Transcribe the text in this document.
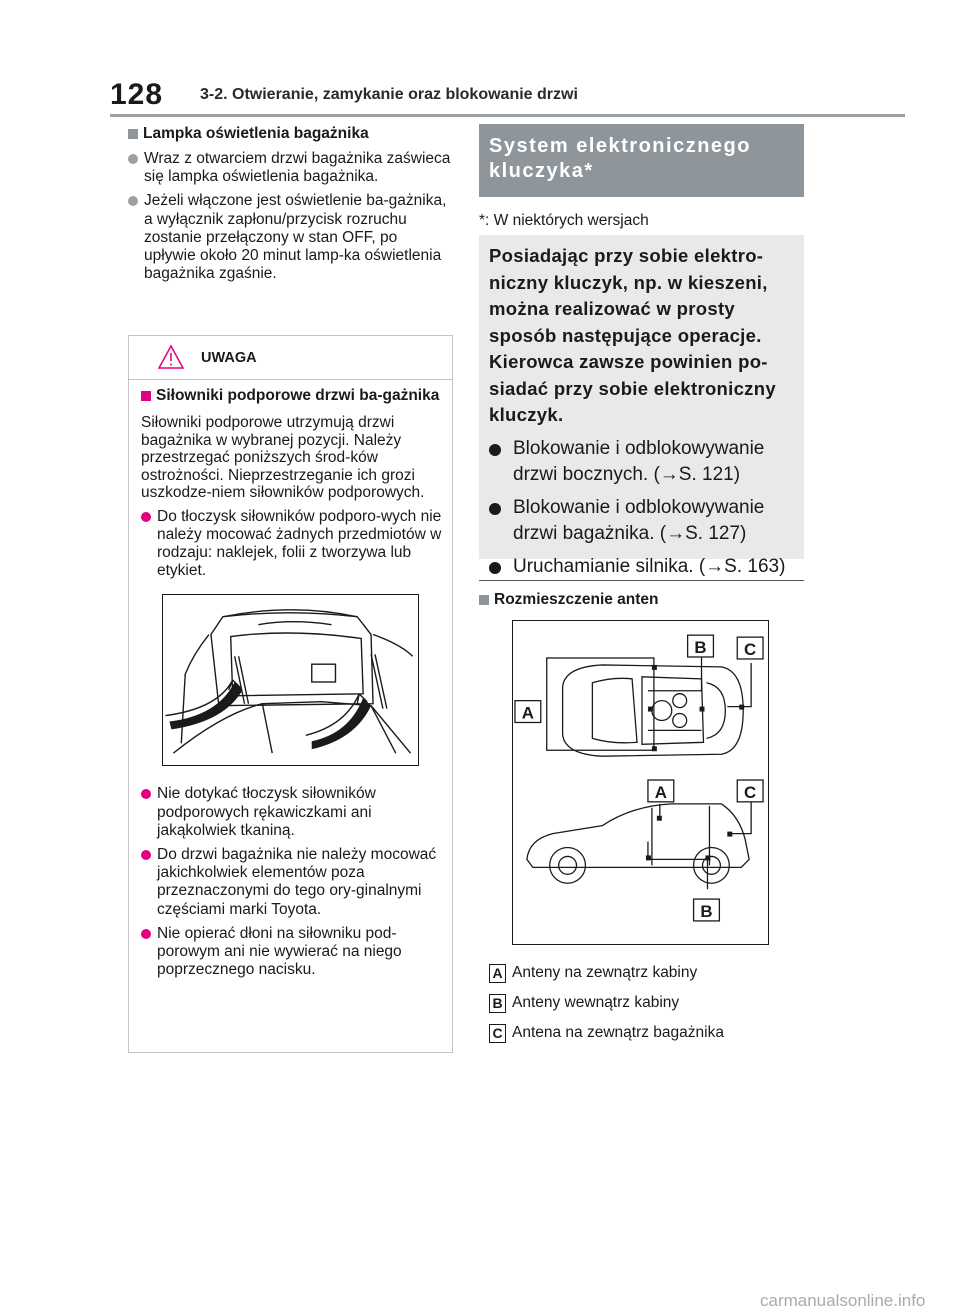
128 3-2. Otwieranie, zamykanie oraz blokowanie drzwi
Lampka oświetlenia bagażnika
Wraz z otwarciem drzwi bagażnika zaświeca się lampka oświetlenia bagażnika.
Jeżeli włączone jest oświetlenie ba-gażnika, a wyłącznik zapłonu/przycisk rozruchu zostanie przełączony w stan OFF, po upływie około 20 minut lamp-ka oświetlenia bagażnika zgaśnie.
UWAGA
Siłowniki podporowe drzwi ba-gażnika
Siłowniki podporowe utrzymują drzwi bagażnika w wybranej pozycji. Należy przestrzegać poniższych środ-ków ostrożności. Nieprzestrzeganie ich grozi uszkodze-niem siłowników podporowych.
Do tłoczysk siłowników podporo-wych nie należy mocować żadnych przedmiotów w rodzaju: naklejek, folii z tworzywa lub etykiet.
Nie dotykać tłoczysk siłowników podporowych rękawiczkami ani jakąkolwiek tkaniną.
Do drzwi bagażnika nie należy mocować jakichkolwiek elementów poza przeznaczonymi do tego ory-ginalnymi częściami marki Toyota.
Nie opierać dłoni na siłowniku pod-porowym ani nie wywierać na niego poprzecznego nacisku.
System elektronicznego kluczyka*
*: W niektórych wersjach
Posiadając przy sobie elektro-niczny kluczyk, np. w kieszeni, można realizować w prosty sposób następujące operacje. Kierowca zawsze powinien po-siadać przy sobie elektroniczny kluczyk.
Blokowanie i odblokowywanie drzwi bocznych. (→S. 121)
Blokowanie i odblokowywanie drzwi bagażnika. (→S. 127)
Uruchamianie silnika. (→S. 163)
Rozmieszczenie anten
A
B C
A	C
B
A Anteny na zewnątrz kabiny
B Anteny wewnątrz kabiny
C Antena na zewnątrz bagażnika
carmanualsonline.info
